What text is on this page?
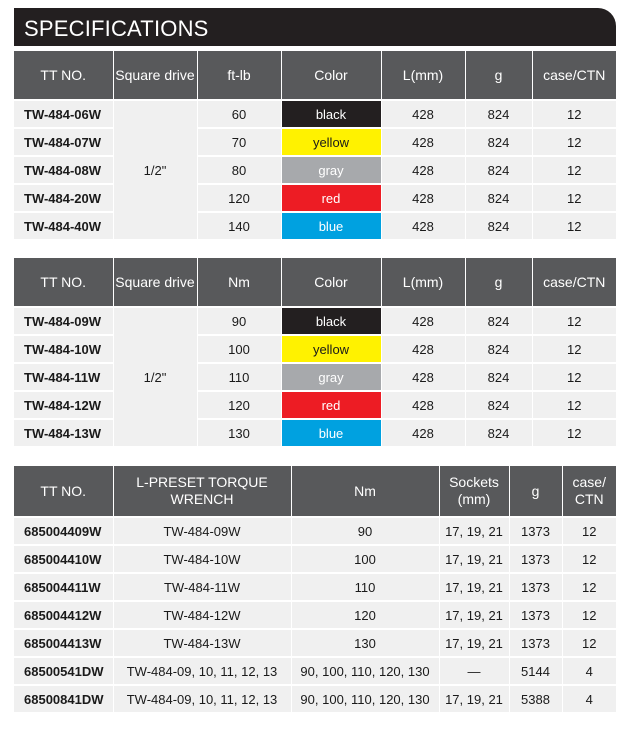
SPECIFICATIONS
TT NO.	Square drive	ft-lb	Color	L(mm)	g	case/CTN
TW-484-06W	1/2"	60	black	428	824	12
TW-484-07W		70	yellow	428	824	12
TW-484-08W		80	gray	428	824	12
TW-484-20W		120	red	428	824	12
TW-484-40W		140	blue	428	824	12
TT NO.	Square drive	Nm	Color	L(mm)	g	case/CTN
TW-484-09W	1/2"	90	black	428	824	12
TW-484-10W		100	yellow	428	824	12
TW-484-11W		110	gray	428	824	12
TW-484-12W		120	red	428	824	12
TW-484-13W		130	blue	428	824	12
TT NO.	L-PRESET TORQUE WRENCH	Nm	Sockets (mm)	g	case/ CTN
685004409W	TW-484-09W	90	17, 19, 21	1373	12
685004410W	TW-484-10W	100	17, 19, 21	1373	12
685004411W	TW-484-11W	110	17, 19, 21	1373	12
685004412W	TW-484-12W	120	17, 19, 21	1373	12
685004413W	TW-484-13W	130	17, 19, 21	1373	12
68500541DW	TW-484-09, 10, 11, 12, 13	90, 100, 110, 120, 130	—	5144	4
68500841DW	TW-484-09, 10, 11, 12, 13	90, 100, 110, 120, 130	17, 19, 21	5388	4
